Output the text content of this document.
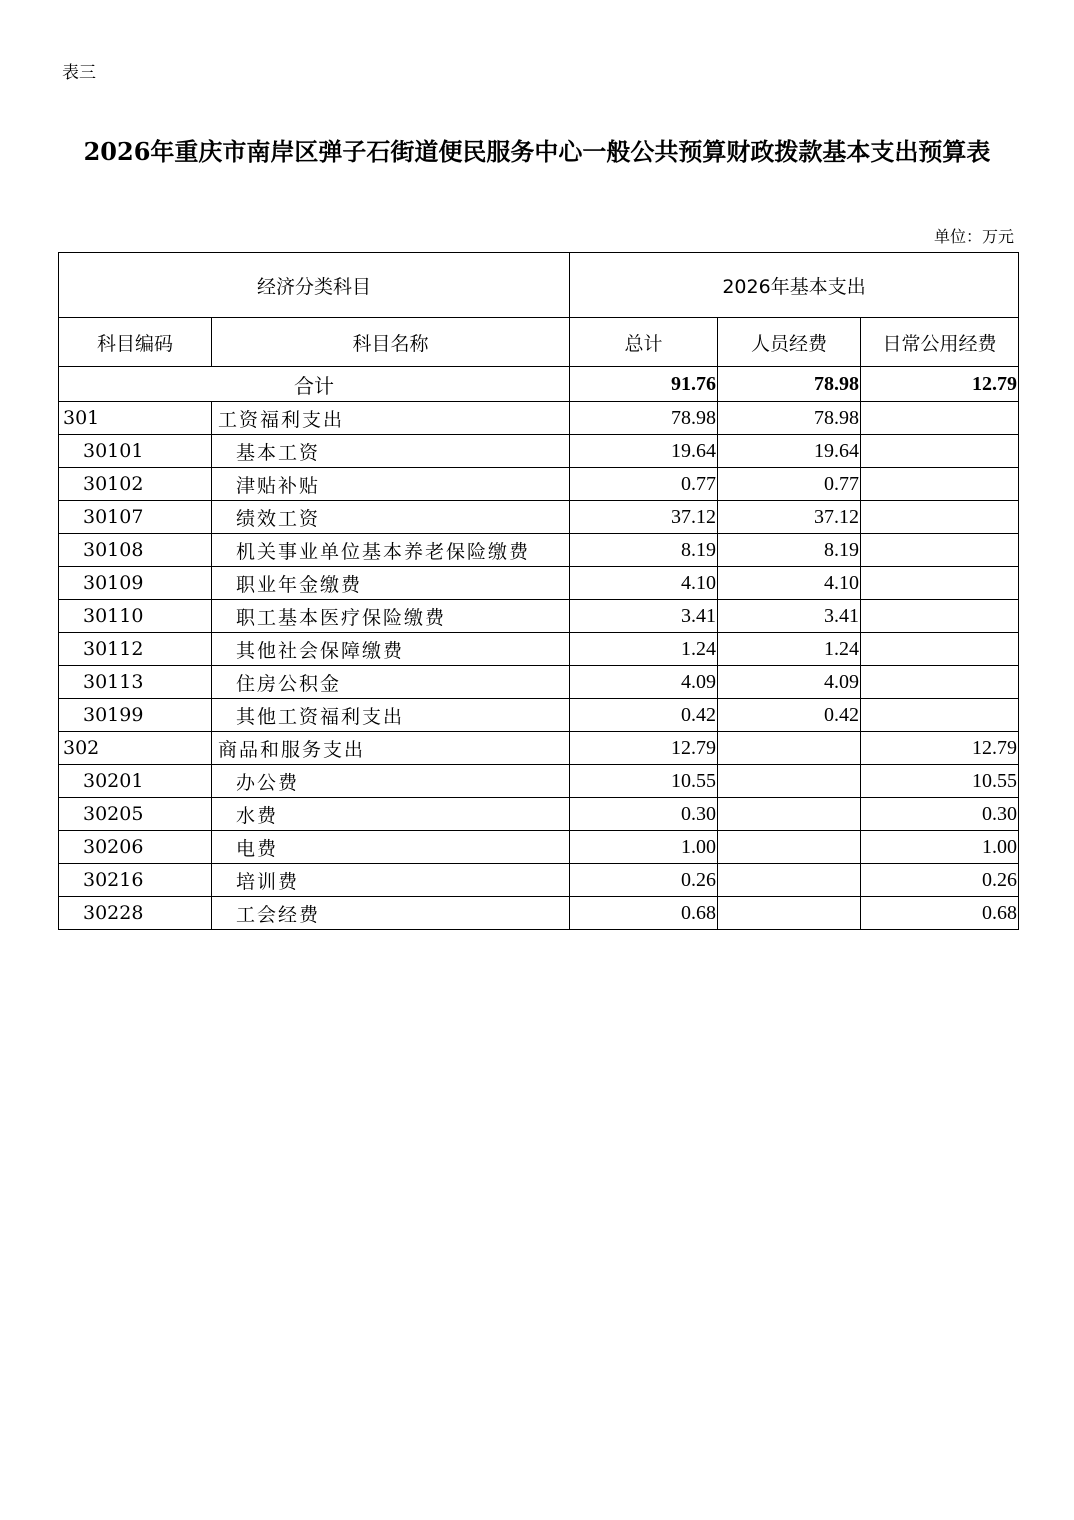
表三
2026年重庆市南岸区弹子石街道便民服务中心一般公共预算财政拨款基本支出预算表
单位：万元
经济分类科目		2026年基本支出		
科目编码	科目名称	总计	人员经费	日常公用经费
合计		91.76	78.98	12.79
301	工资福利支出	78.98	78.98	
30101	基本工资	19.64	19.64	
30102	津贴补贴	0.77	0.77	
30107	绩效工资	37.12	37.12	
30108	机关事业单位基本养老保险缴费	8.19	8.19	
30109	职业年金缴费	4.10	4.10	
30110	职工基本医疗保险缴费	3.41	3.41	
30112	其他社会保障缴费	1.24	1.24	
30113	住房公积金	4.09	4.09	
30199	其他工资福利支出	0.42	0.42	
302	商品和服务支出	12.79		12.79
30201	办公费	10.55		10.55
30205	水费	0.30		0.30
30206	电费	1.00		1.00
30216	培训费	0.26		0.26
30228	工会经费	0.68		0.68
